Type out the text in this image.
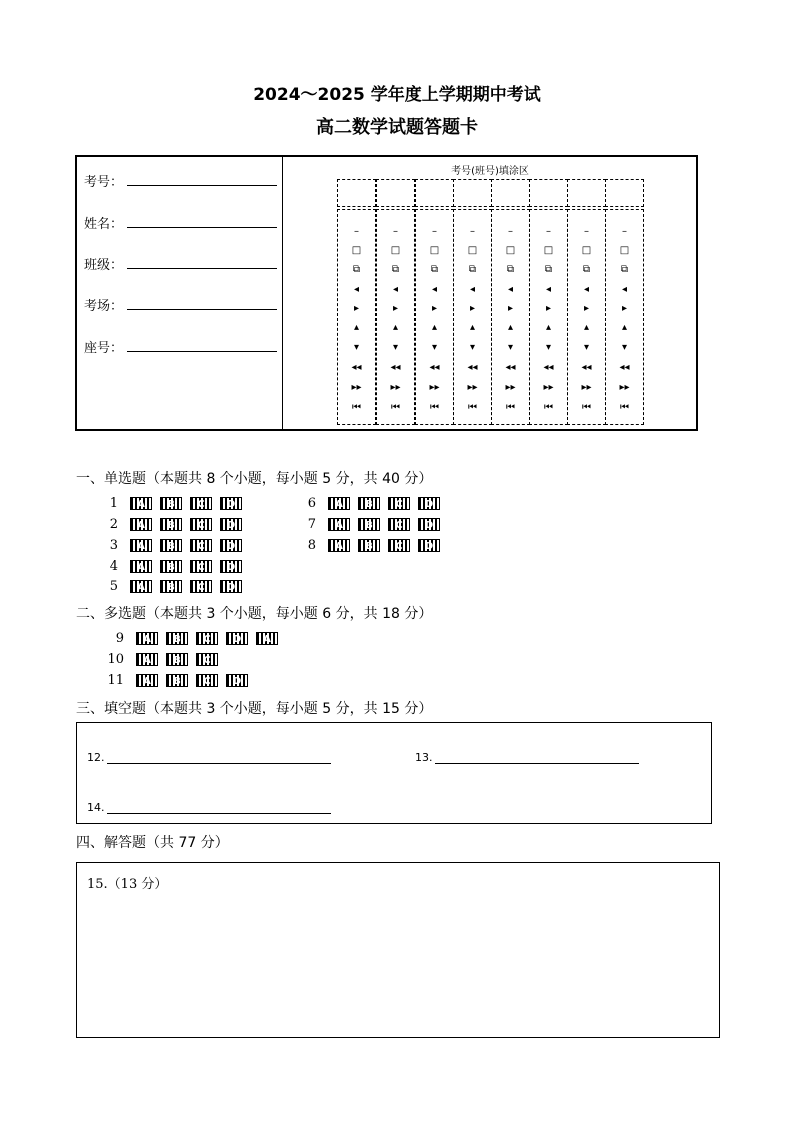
2024～2025 学年度上学期期中考试
高二数学试题答题卡
考号：
姓名：
班级：
考场：
座号：
考号(班号)填涂区
–
□
⧉
◂
▸
▴
▾
◂◂
▸▸
⏮
–
□
⧉
◂
▸
▴
▾
◂◂
▸▸
⏮
–
□
⧉
◂
▸
▴
▾
◂◂
▸▸
⏮
–
□
⧉
◂
▸
▴
▾
◂◂
▸▸
⏮
–
□
⧉
◂
▸
▴
▾
◂◂
▸▸
⏮
–
□
⧉
◂
▸
▴
▾
◂◂
▸▸
⏮
–
□
⧉
◂
▸
▴
▾
◂◂
▸▸
⏮
–
□
⧉
◂
▸
▴
▾
◂◂
▸▸
⏮
一、单选题（本题共 8 个小题，每小题 5 分，共 40 分）
1 A B C D
2 A B C D
3 A B C D
4 A B C D
5 A B C D
6 A B C D
7 A B C D
8 A B C D
二、多选题（本题共 3 个小题，每小题 6 分，共 18 分）
9 A B C D A
10 A B C
11 A B C D
三、填空题（本题共 3 个小题，每小题 5 分，共 15 分）
12.	13.
14.
四、解答题（共 77 分）
15.（13 分）
